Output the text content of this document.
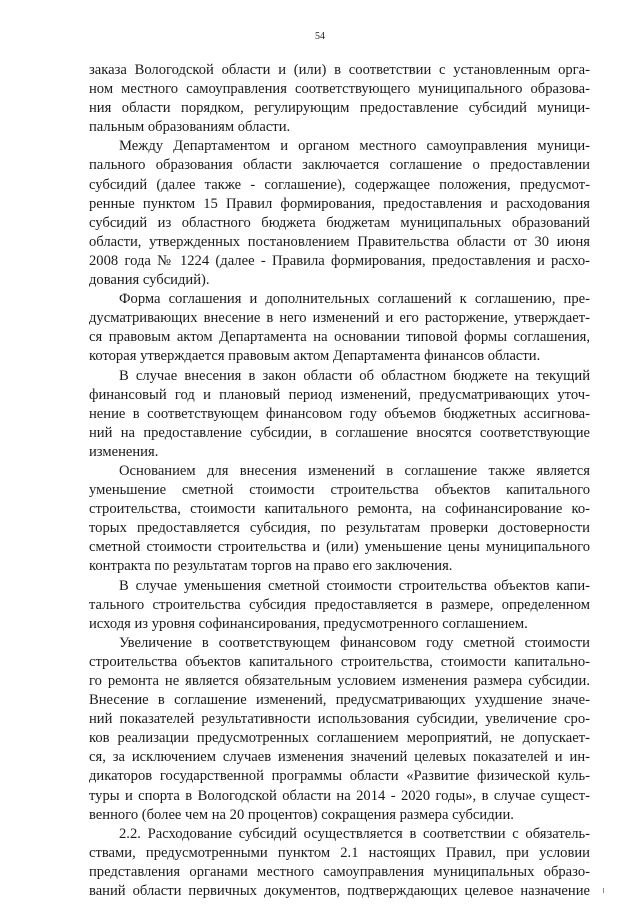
54

заказа Вологодской области и (или) в соответствии с установленным орга-
ном местного самоуправления соответствующего муниципального образова-
ния области порядком, регулирующим предоставление субсидий муници-
пальным образованиям области.

Между Департаментом и органом местного самоуправления муници-
пального образования области заключается соглашение о предоставлении
субсидий (далее также - соглашение), содержащее положения, предусмот-
ренные пунктом 15 Правил формирования, предоставления и расходования
субсидий из областного бюджета бюджетам муниципальных образований
области, утвержденных постановлением Правительства области от 30 июня
2008 года № 1224 (далее - Правила формирования, предоставления и расхо-
дования субсидий).

Форма соглашения и дополнительных соглашений к соглашению, пре-
дусматривающих внесение в него изменений и его расторжение, утверждает-
ся правовым актом Департамента на основании типовой формы соглашения,
которая утверждается правовым актом Департамента финансов области.

В случае внесения в закон области об областном бюджете на текущий
финансовый год и плановый период изменений, предусматривающих уточ-
нение в соответствующем финансовом году объемов бюджетных ассигнова-
ний на предоставление субсидии, в соглашение вносятся соответствующие
изменения.

Основанием для внесения изменений в соглашение также является
уменьшение сметной стоимости строительства объектов капитального
строительства, стоимости капитального ремонта, на софинансирование ко-
торых предоставляется субсидия, по результатам проверки достоверности
сметной стоимости строительства и (или) уменьшение цены муниципального
контракта по результатам торгов на право его заключения.

В случае уменьшения сметной стоимости строительства объектов капи-
тального строительства субсидия предоставляется в размере, определенном
исходя из уровня софинансирования, предусмотренного соглашением.

Увеличение в соответствующем финансовом году сметной стоимости
строительства объектов капитального строительства, стоимости капитально-
го ремонта не является обязательным условием изменения размера субсидии.
Внесение в соглашение изменений, предусматривающих ухудшение значе-
ний показателей результативности использования субсидии, увеличение сро-
ков реализации предусмотренных соглашением мероприятий, не допускает-
ся, за исключением случаев изменения значений целевых показателей и ин-
дикаторов государственной программы области «Развитие физической куль-
туры и спорта в Вологодской области на 2014 - 2020 годы», в случае сущест-
венного (более чем на 20 процентов) сокращения размера субсидии.

2.2. Расходование субсидий осуществляется в соответствии с обязатель-
ствами, предусмотренными пунктом 2.1 настоящих Правил, при условии
представления органами местного самоуправления муниципальных образо-
ваний области первичных документов, подтверждающих целевое назначение
